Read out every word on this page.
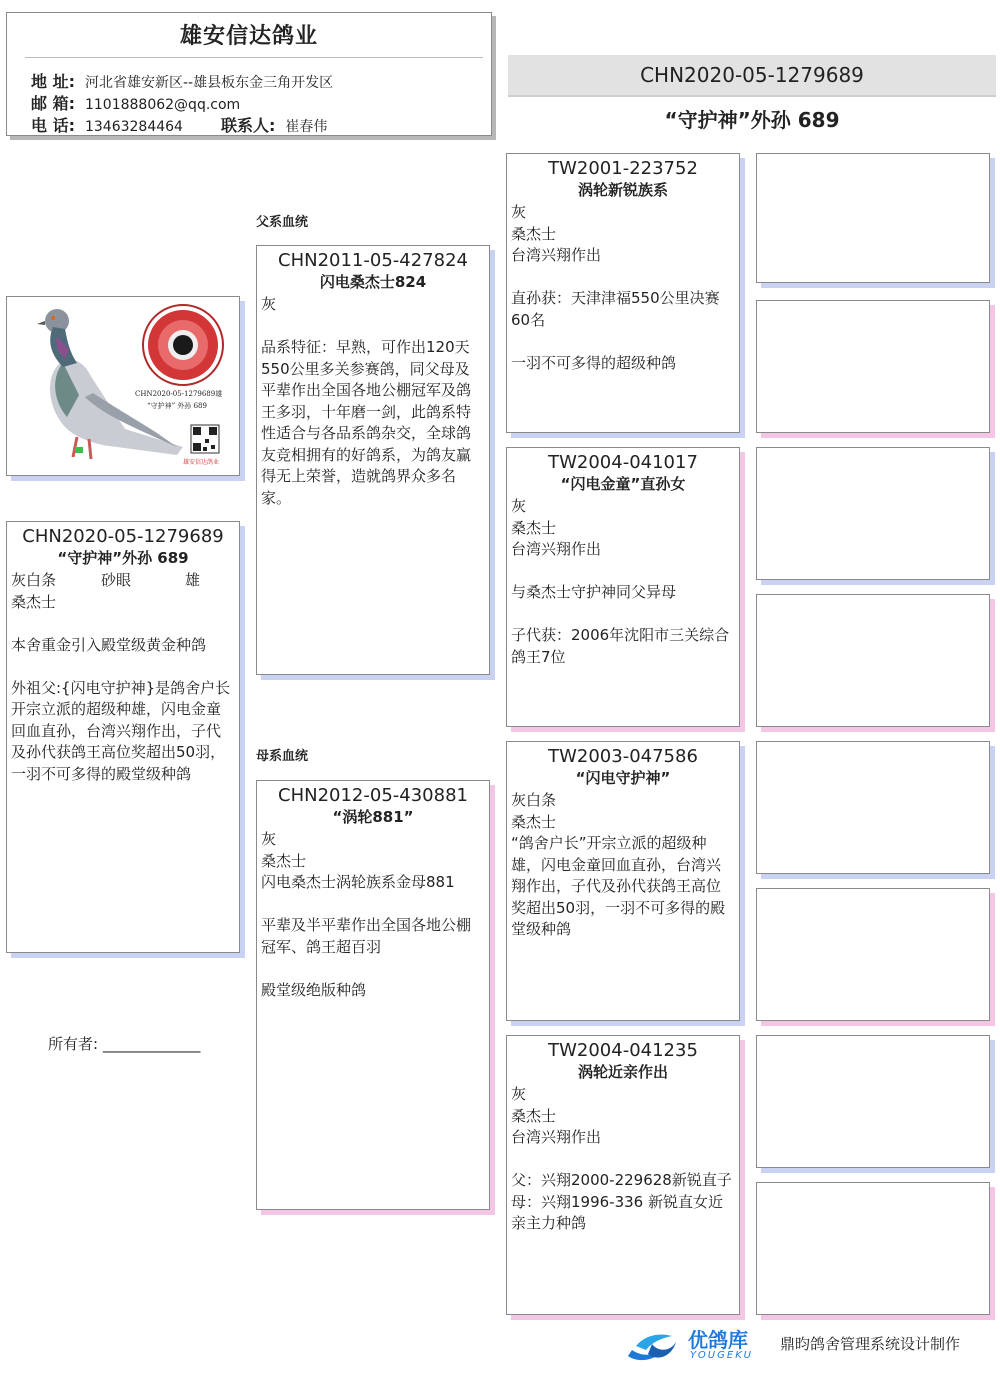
雄安信达鸽业
地 址: 河北省雄安新区--雄县板东金三角开发区
邮 箱: 1101888062@qq.com
电 话: 13463284464 联系人: 崔春伟
CHN2020-05-1279689
“守护神”外孙 689
父系血统
母系血统
CHN2020-05-1279689雄
“守护神” 外孙 689
雄安信达鸽业
CHN2020-05-1279689
“守护神”外孙 689

灰白条	砂眼	雄

桑杰士

本舍重金引入殿堂级黄金种鸽

外祖父:{闪电守护神}是鸽舍户长开宗立派的超级种雄，闪电金童回血直孙，台湾兴翔作出，子代及孙代获鸽王高位奖超出50羽，一羽不可多得的殿堂级种鸽

所有者: _____________
CHN2011-05-427824
闪电桑杰士824

灰

品系特征：早熟，可作出120天550公里多关参赛鸽，同父母及平辈作出全国各地公棚冠军及鸽王多羽，十年磨一剑，此鸽系特性适合与各品系鸽杂交，全球鸽友竞相拥有的好鸽系，为鸽友赢得无上荣誉，造就鸽界众多名家。

CHN2012-05-430881
“涡轮881”

灰

桑杰士

闪电桑杰士涡轮族系金母881

平辈及半平辈作出全国各地公棚冠军、鸽王超百羽

殿堂级绝版种鸽

TW2001-223752
涡轮新锐族系

灰

桑杰士

台湾兴翔作出

直孙获：天津津福550公里决赛60名

一羽不可多得的超级种鸽

TW2004-041017
“闪电金童”直孙女

灰

桑杰士

台湾兴翔作出

与桑杰士守护神同父异母

子代获：2006年沈阳市三关综合鸽王7位

TW2003-047586
“闪电守护神”

灰白条

桑杰士

“鸽舍户长”开宗立派的超级种雄，闪电金童回血直孙，台湾兴翔作出，子代及孙代获鸽王高位奖超出50羽，一羽不可多得的殿堂级种鸽

TW2004-041235
涡轮近亲作出

灰

桑杰士

台湾兴翔作出

父：兴翔2000-229628新锐直子

母：兴翔1996-336 新锐直女近亲主力种鸽

优鸽库
YOUGEKU
鼎昀鸽舍管理系统设计制作
